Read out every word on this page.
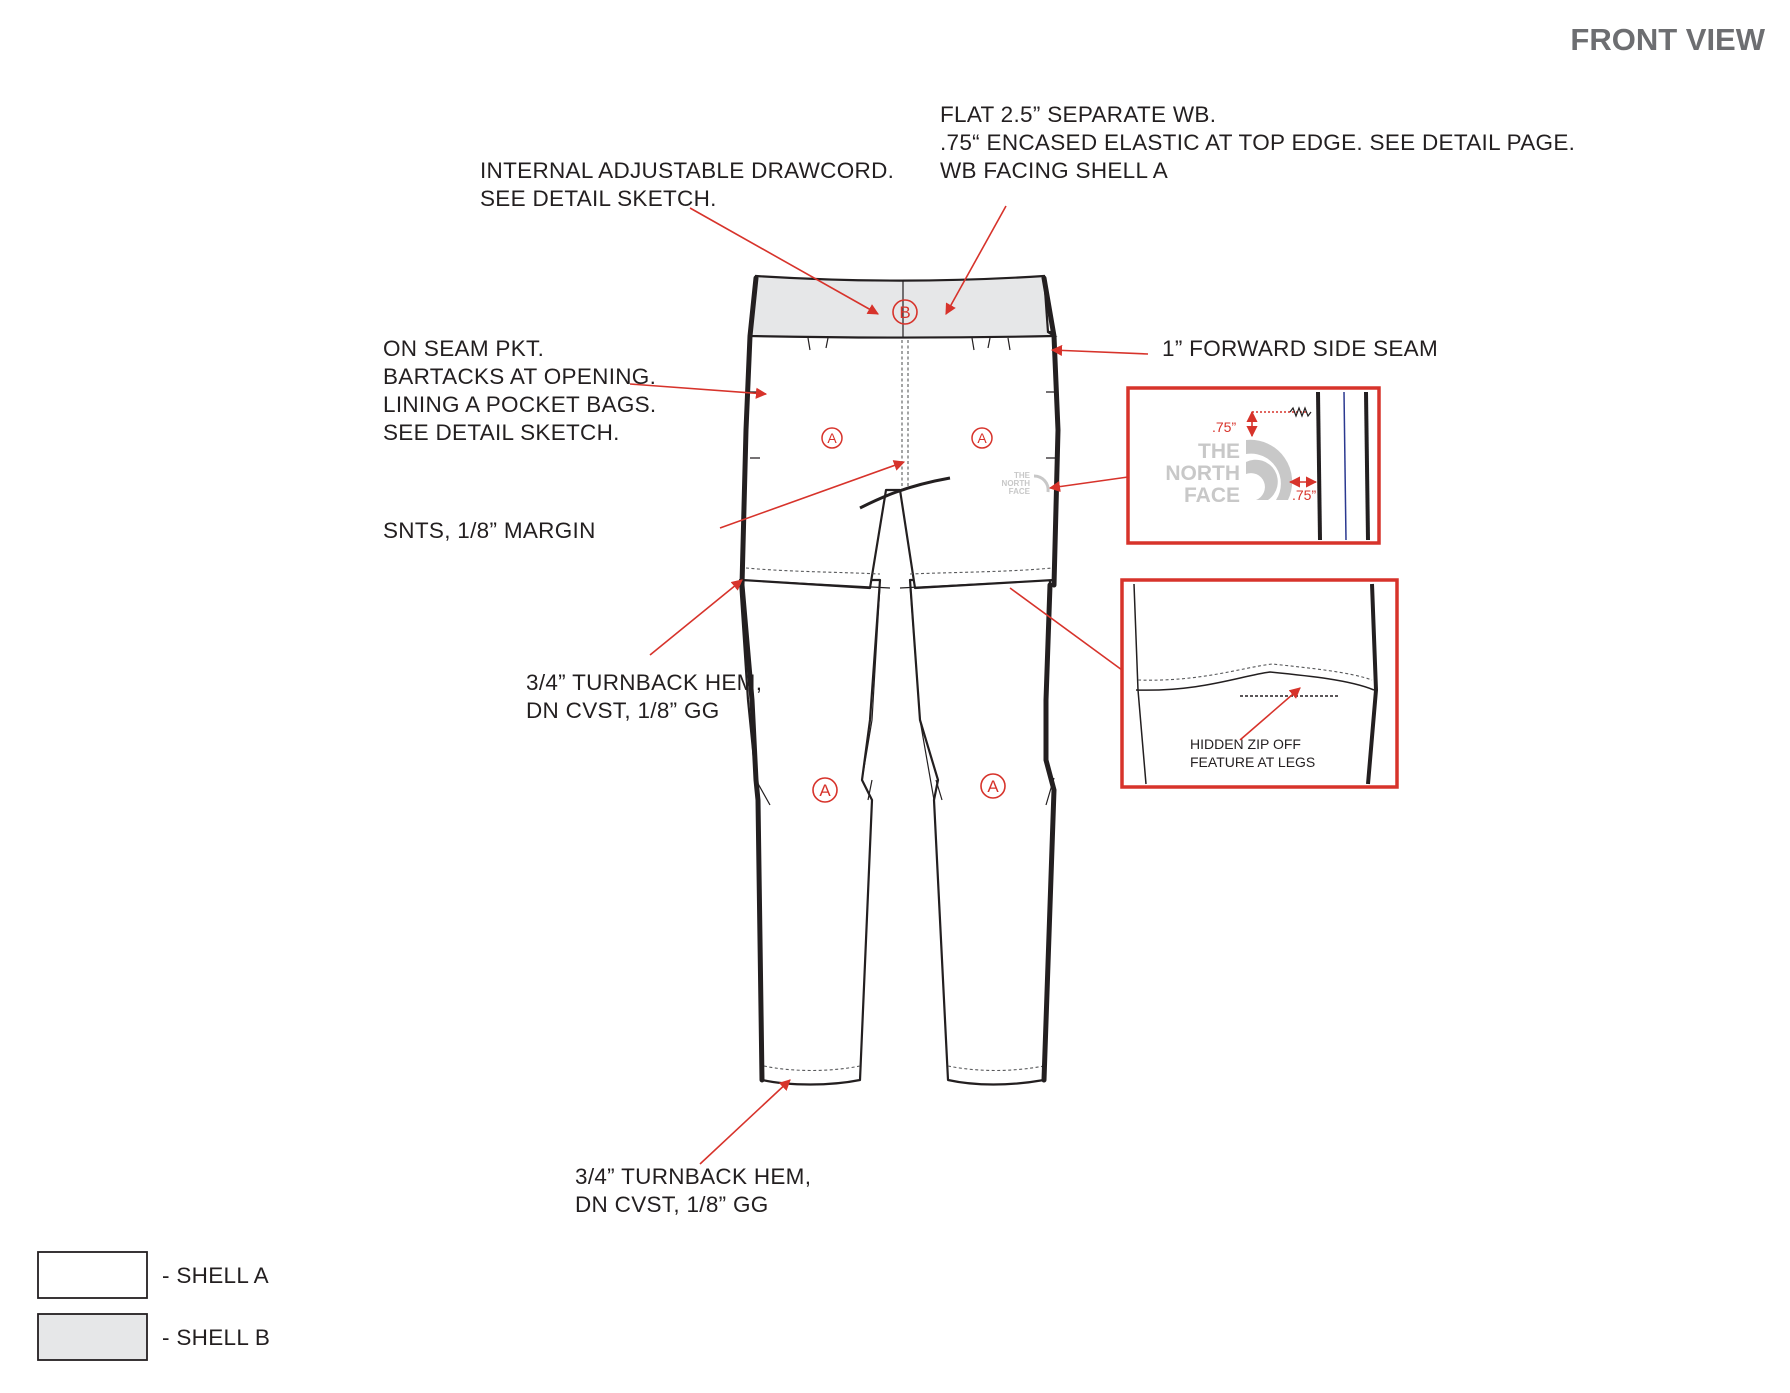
FRONT VIEW
THE
NORTH
FACE
B
A	A
A	A
FLAT 2.5” SEPARATE WB.
.75“ ENCASED ELASTIC AT TOP EDGE. SEE DETAIL PAGE.
WB FACING SHELL A
INTERNAL ADJUSTABLE DRAWCORD.
SEE DETAIL SKETCH.
ON SEAM PKT.
BARTACKS AT OPENING.
LINING A POCKET BAGS.
SEE DETAIL SKETCH.
1” FORWARD SIDE SEAM
SNTS, 1/8” MARGIN
3/4” TURNBACK HEM,
DN CVST, 1/8” GG
3/4” TURNBACK HEM,
DN CVST, 1/8” GG
THE
NORTH
FACE
.75”
.75”
HIDDEN ZIP OFF
FEATURE AT LEGS
- SHELL A
- SHELL B
